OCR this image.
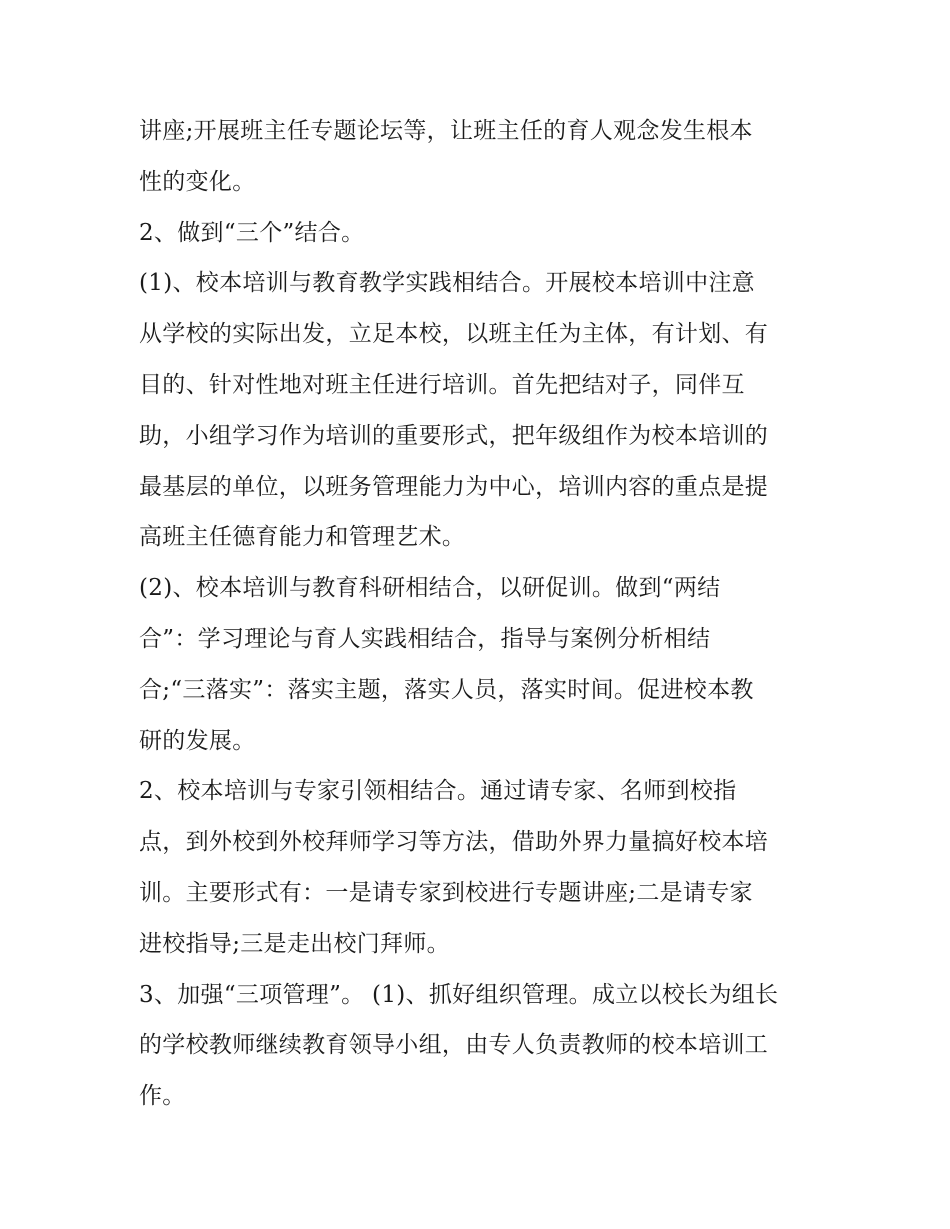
讲座;开展班主任专题论坛等，让班主任的育人观念发生根本
性的变化。
2、做到“三个”结合。
(1)、校本培训与教育教学实践相结合。开展校本培训中注意
从学校的实际出发，立足本校，以班主任为主体，有计划、有
目的、针对性地对班主任进行培训。首先把结对子，同伴互
助，小组学习作为培训的重要形式，把年级组作为校本培训的
最基层的单位，以班务管理能力为中心，培训内容的重点是提
高班主任德育能力和管理艺术。
(2)、校本培训与教育科研相结合，以研促训。做到“两结
合”：学习理论与育人实践相结合，指导与案例分析相结
合;“三落实”：落实主题，落实人员，落实时间。促进校本教
研的发展。
2、校本培训与专家引领相结合。通过请专家、名师到校指
点，到外校到外校拜师学习等方法，借助外界力量搞好校本培
训。主要形式有：一是请专家到校进行专题讲座;二是请专家
进校指导;三是走出校门拜师。
3、加强“三项管理”。 (1)、抓好组织管理。成立以校长为组长
的学校教师继续教育领导小组，由专人负责教师的校本培训工
作。
